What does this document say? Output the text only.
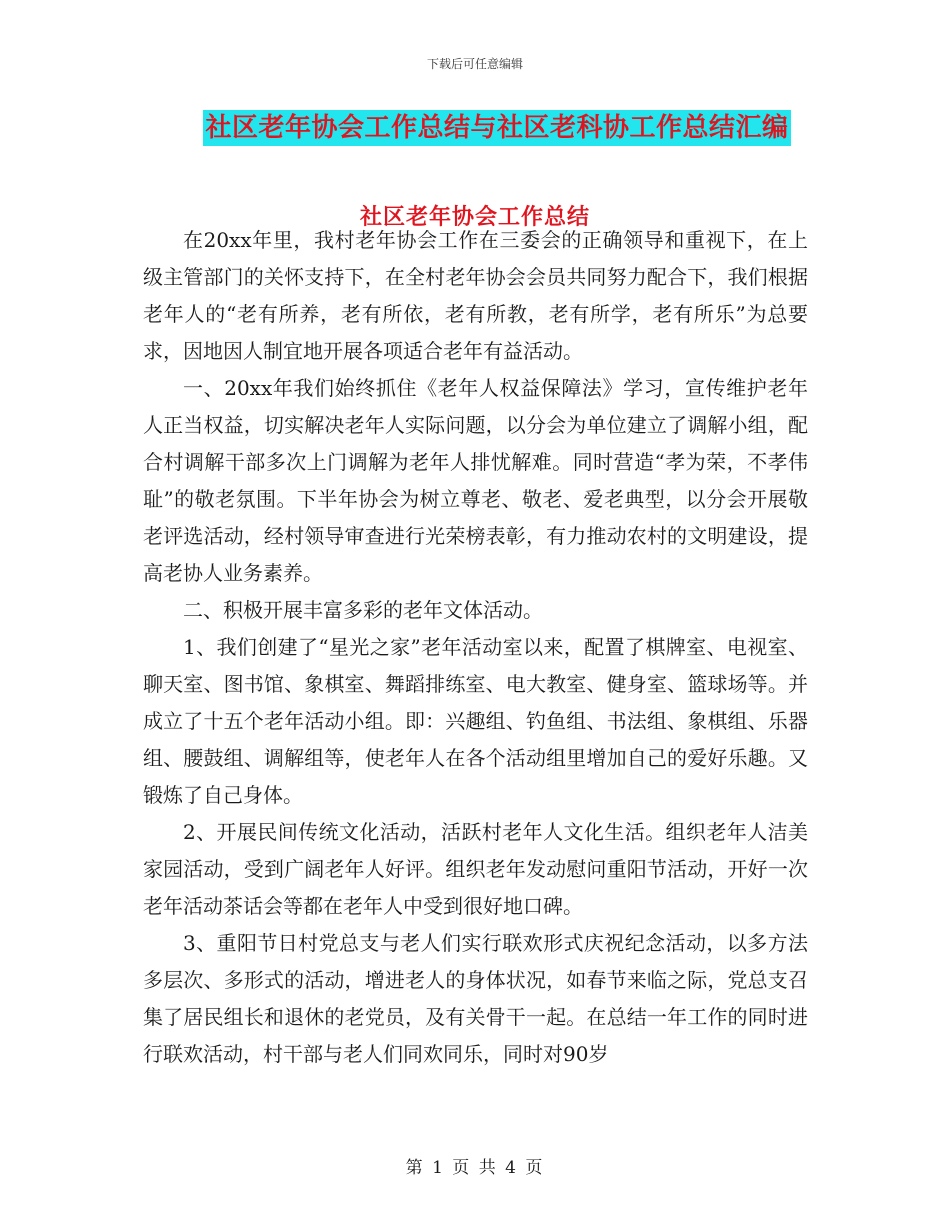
下载后可任意编辑
社区老年协会工作总结与社区老科协工作总结汇编
社区老年协会工作总结

在20xx年里，我村老年协会工作在三委会的正确领导和重视下，在上级主管部门的关怀支持下，在全村老年协会会员共同努力配合下，我们根据老年人的“老有所养，老有所依，老有所教，老有所学，老有所乐”为总要求，因地因人制宜地开展各项适合老年有益活动。

一、20xx年我们始终抓住《老年人权益保障法》学习，宣传维护老年人正当权益，切实解决老年人实际问题，以分会为单位建立了调解小组，配合村调解干部多次上门调解为老年人排忧解难。同时营造“孝为荣，不孝伟耻”的敬老氛围。下半年协会为树立尊老、敬老、爱老典型，以分会开展敬老评选活动，经村领导审查进行光荣榜表彰，有力推动农村的文明建设，提高老协人业务素养。

二、积极开展丰富多彩的老年文体活动。

1、我们创建了“星光之家”老年活动室以来，配置了棋牌室、电视室、聊天室、图书馆、象棋室、舞蹈排练室、电大教室、健身室、篮球场等。并成立了十五个老年活动小组。即：兴趣组、钓鱼组、书法组、象棋组、乐器组、腰鼓组、调解组等，使老年人在各个活动组里增加自己的爱好乐趣。又锻炼了自己身体。

2、开展民间传统文化活动，活跃村老年人文化生活。组织老年人洁美家园活动，受到广阔老年人好评。组织老年发动慰问重阳节活动，开好一次老年活动茶话会等都在老年人中受到很好地口碑。

3、重阳节日村党总支与老人们实行联欢形式庆祝纪念活动，以多方法多层次、多形式的活动，增进老人的身体状况，如春节来临之际，党总支召集了居民组长和退休的老党员，及有关骨干一起。在总结一年工作的同时进行联欢活动，村干部与老人们同欢同乐，同时对90岁

第 1 页 共 4 页
